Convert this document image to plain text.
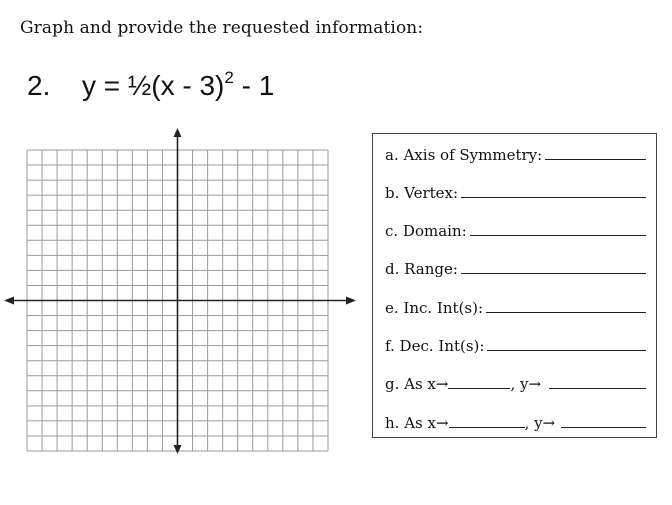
Graph and provide the requested information:
2. y = ½(x - 3)$^2$ - 1
a. Axis of Symmetry:
b. Vertex:
c. Domain:
d. Range:
e. Inc. Int(s):
f. Dec. Int(s):
g. As x→	, y→
h. As x→	, y→
